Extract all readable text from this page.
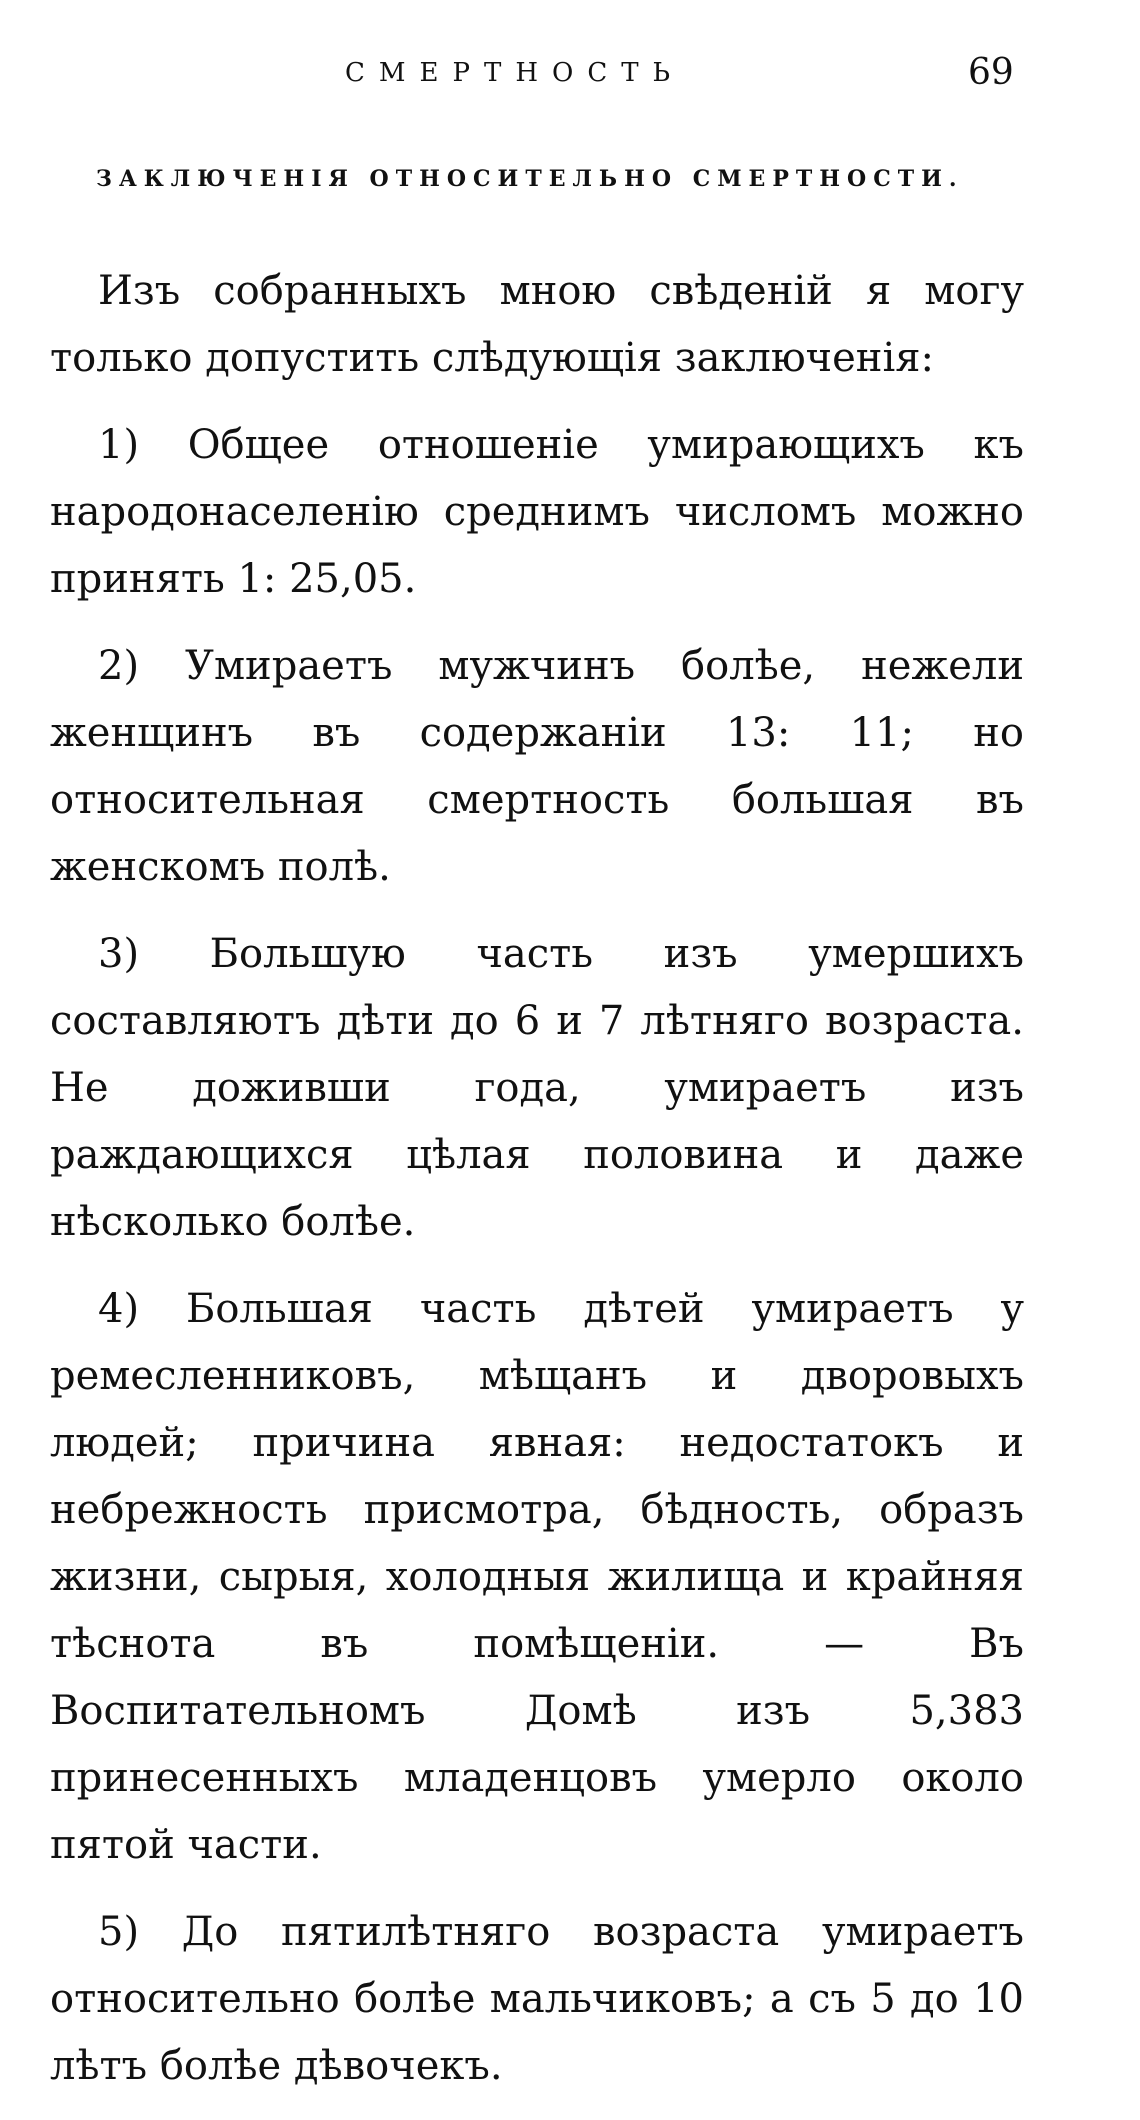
СМЕРТНОСТЬ	69
ЗАКЛЮЧЕНІЯ ОТНОСИТЕЛЬНО СМЕРТНОСТИ.

Изъ собранныхъ мною свѣденій я могу только допустить слѣдующія заключенія:

1) Общее отношеніе умирающихъ къ народонаселенію среднимъ числомъ можно принять 1: 25,05.

2) Умираетъ мужчинъ болѣе, нежели женщинъ въ содержаніи 13: 11; но относительная смертность большая въ женскомъ полѣ.

3) Большую часть изъ умершихъ составляютъ дѣти до 6 и 7 лѣтняго возраста. Не доживши года, умираетъ изъ раждающихся цѣлая половина и даже нѣсколько болѣе.

4) Большая часть дѣтей умираетъ у ремесленниковъ, мѣщанъ и дворовыхъ людей; причина явная: недостатокъ и небрежность присмотра, бѣдность, образъ жизни, сырыя, холодныя жилища и крайняя тѣснота въ помѣщеніи. — Въ Воспитательномъ Домѣ изъ 5,383 принесенныхъ младенцовъ умерло около пятой части.

5) До пятилѣтняго возраста умираетъ относительно болѣе мальчиковъ; а съ 5 до 10 лѣтъ болѣе дѣвочекъ.
